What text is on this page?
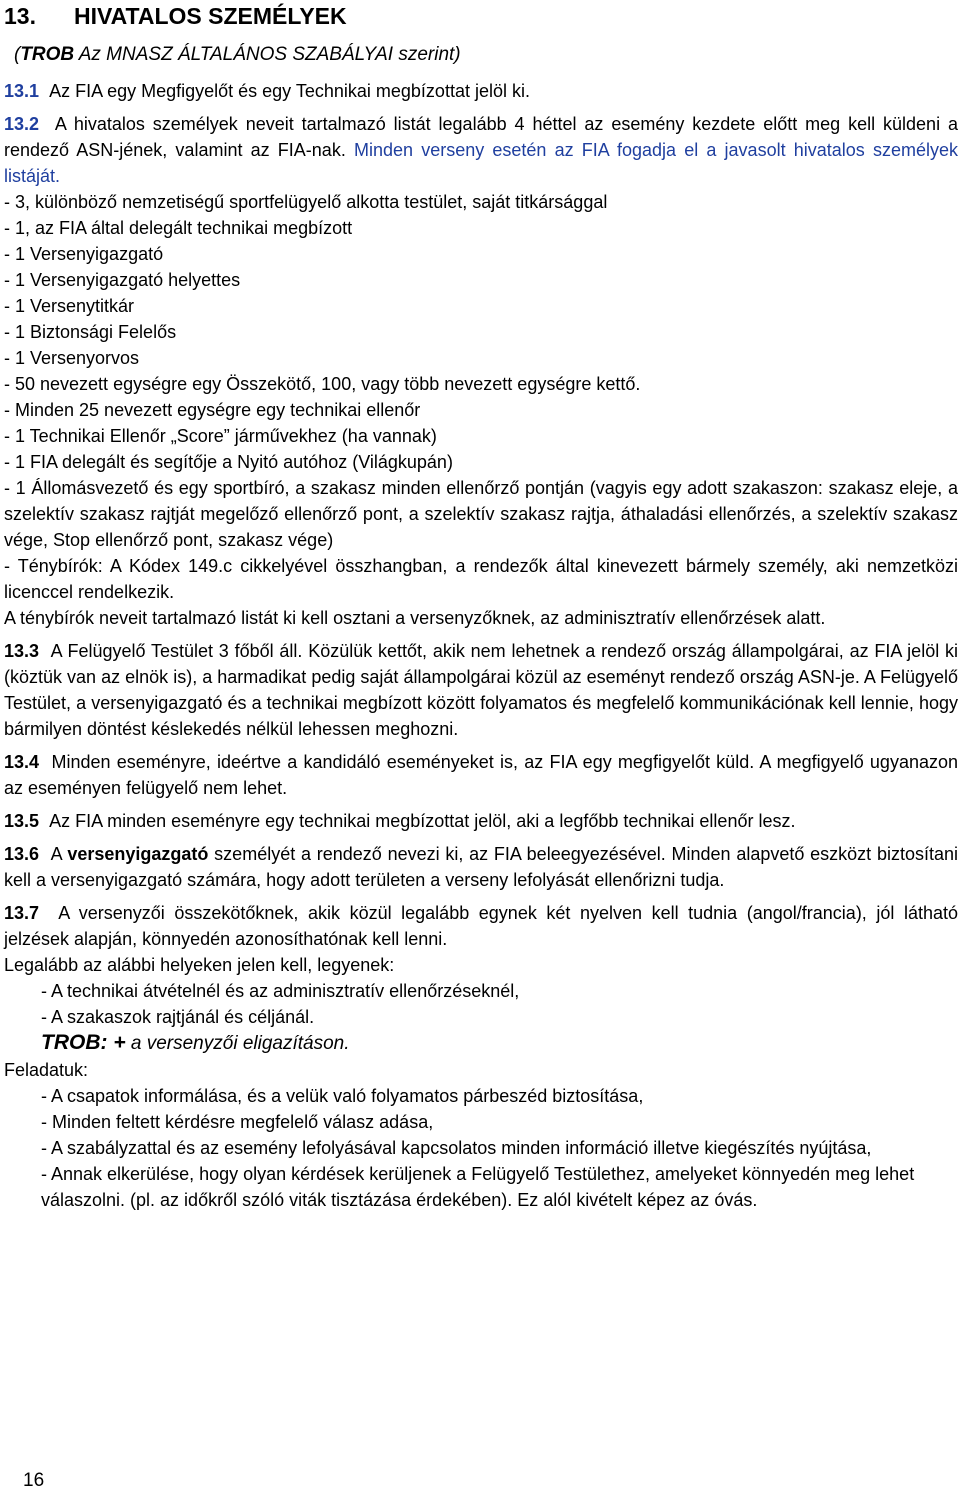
13. HIVATALOS SZEMÉLYEK
(TROB Az MNASZ ÁLTALÁNOS SZABÁLYAI szerint)

13.1 Az FIA egy Megfigyelőt és egy Technikai megbízottat jelöl ki.

13.2 A hivatalos személyek neveit tartalmazó listát legalább 4 héttel az esemény kezdete előtt meg kell küldeni a rendező ASN-jének, valamint az FIA-nak. Minden verseny esetén az FIA fogadja el a javasolt hivatalos személyek listáját.

- 3, különböző nemzetiségű sportfelügyelő alkotta testület, saját titkársággal

- 1, az FIA által delegált technikai megbízott

- 1 Versenyigazgató

- 1 Versenyigazgató helyettes

- 1 Versenytitkár

- 1 Biztonsági Felelős

- 1 Versenyorvos

- 50 nevezett egységre egy Összekötő, 100, vagy több nevezett egységre kettő.

- Minden 25 nevezett egységre egy technikai ellenőr

- 1 Technikai Ellenőr „Score” járművekhez (ha vannak)

- 1 FIA delegált és segítője a Nyitó autóhoz (Világkupán)

- 1 Állomásvezető és egy sportbíró, a szakasz minden ellenőrző pontján (vagyis egy adott szakaszon: szakasz eleje, a szelektív szakasz rajtját megelőző ellenőrző pont, a szelektív szakasz rajtja, áthaladási ellenőrzés, a szelektív szakasz vége, Stop ellenőrző pont, szakasz vége)

- Ténybírók: A Kódex 149.c cikkelyével összhangban, a rendezők által kinevezett bármely személy, aki nemzetközi licenccel rendelkezik.

A ténybírók neveit tartalmazó listát ki kell osztani a versenyzőknek, az adminisztratív ellenőrzések alatt.

13.3 A Felügyelő Testület 3 főből áll. Közülük kettőt, akik nem lehetnek a rendező ország állampolgárai, az FIA jelöl ki (köztük van az elnök is), a harmadikat pedig saját állampolgárai közül az eseményt rendező ország ASN-je. A Felügyelő Testület, a versenyigazgató és a technikai megbízott között folyamatos és megfelelő kommunikációnak kell lennie, hogy bármilyen döntést késlekedés nélkül lehessen meghozni.

13.4 Minden eseményre, ideértve a kandidáló eseményeket is, az FIA egy megfigyelőt küld. A megfigyelő ugyanazon az eseményen felügyelő nem lehet.

13.5 Az FIA minden eseményre egy technikai megbízottat jelöl, aki a legfőbb technikai ellenőr lesz.

13.6 A versenyigazgató személyét a rendező nevezi ki, az FIA beleegyezésével. Minden alapvető eszközt biztosítani kell a versenyigazgató számára, hogy adott területen a verseny lefolyását ellenőrizni tudja.

13.7 A versenyzői összekötőknek, akik közül legalább egynek két nyelven kell tudnia (angol/francia), jól látható jelzések alapján, könnyedén azonosíthatónak kell lenni.

Legalább az alábbi helyeken jelen kell, legyenek:

- A technikai átvételnél és az adminisztratív ellenőrzéseknél,

- A szakaszok rajtjánál és céljánál.

TROB: + a versenyzői eligazításon.

Feladatuk:

- A csapatok informálása, és a velük való folyamatos párbeszéd biztosítása,

- Minden feltett kérdésre megfelelő válasz adása,

- A szabályzattal és az esemény lefolyásával kapcsolatos minden információ illetve kiegészítés nyújtása,

- Annak elkerülése, hogy olyan kérdések kerüljenek a Felügyelő Testülethez, amelyeket könnyedén meg lehet válaszolni. (pl. az időkről szóló viták tisztázása érdekében). Ez alól kivételt képez az óvás.

16
